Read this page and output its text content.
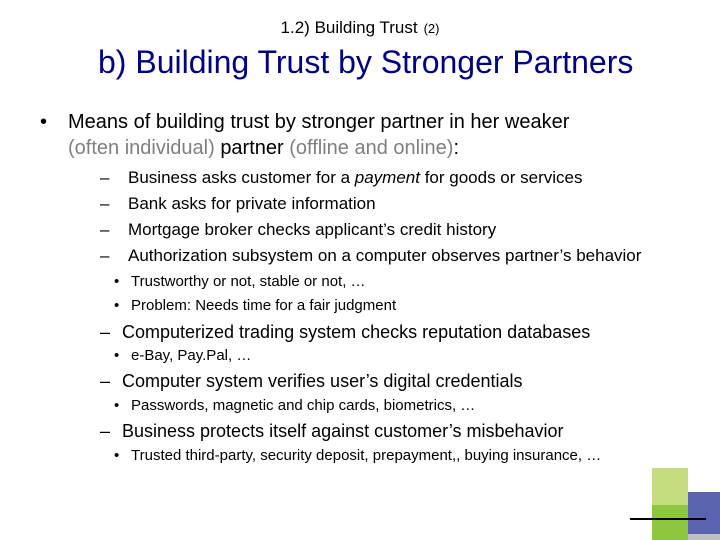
1.2) Building Trust (2)
b) Building Trust by Stronger Partners
• Means of building trust by stronger partner in her weaker
(often individual) partner (offline and online):
– Business asks customer for a payment for goods or services
– Bank asks for private information
– Mortgage broker checks applicant’s credit history
– Authorization subsystem on a computer observes partner’s behavior
• Trustworthy or not, stable or not, …
• Problem: Needs time for a fair judgment
– Computerized trading system checks reputation databases
• e-Bay, Pay.Pal, …
– Computer system verifies user’s digital credentials
• Passwords, magnetic and chip cards, biometrics, …
– Business protects itself against customer’s misbehavior
• Trusted third-party, security deposit, prepayment,, buying insurance, …
